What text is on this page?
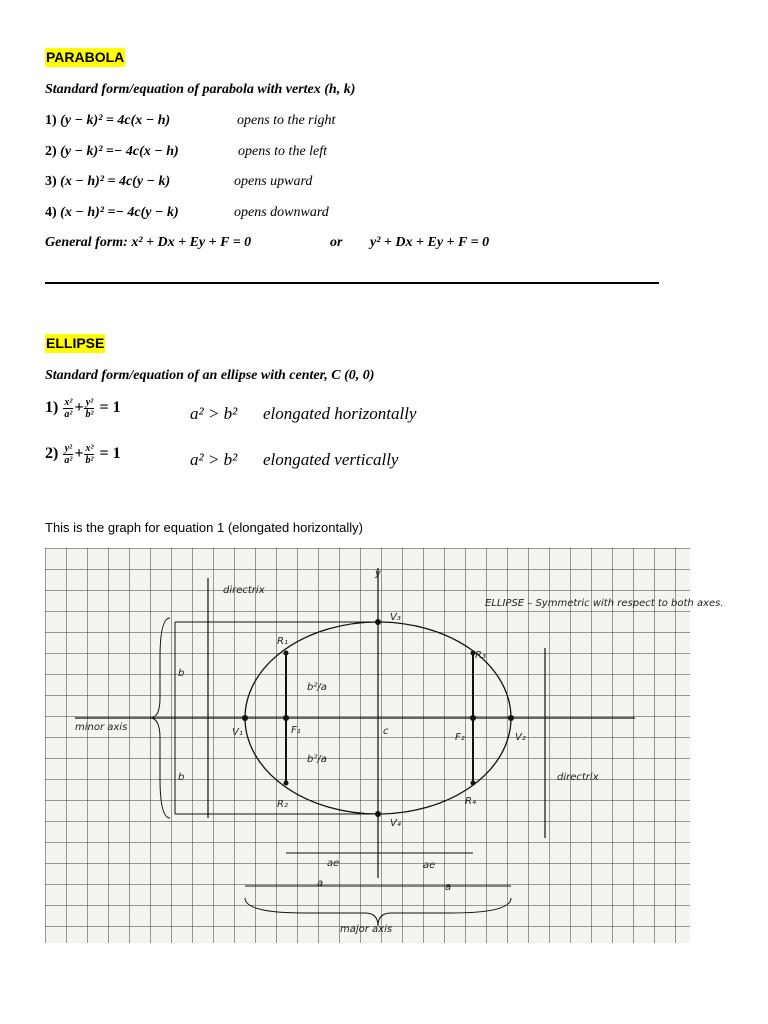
PARABOLA
Standard form/equation of parabola with vertex (h, k)
1) (y − k)² = 4c(x − h)	opens to the right
2) (y − k)² =− 4c(x − h)	opens to the left
3) (x − h)² = 4c(y − k)	opens upward
4) (x − h)² =− 4c(y − k)	opens downward
General form: x² + Dx + Ey + F = 0	or y² + Dx + Ey + F = 0
ELLIPSE
Standard form/equation of an ellipse with center, C (0, 0)
$1) \frac{\text{x²}}{\text{a²}} + \frac{\text{y²}}{\text{b²}} = 1$	a² > b² elongated horizontally
$2) \frac{\text{y²}}{\text{a²}} + \frac{\text{x²}}{\text{b²}} = 1$	a² > b² elongated vertically
This is the graph for equation 1 (elongated horizontally)
directrix
directrix
y
ELLIPSE – Symmetric with respect to both axes.
minor axis
major axis
b
b
V₁	V₂
V₃
V₄
R₁
R₂
R₃
R₄
F₁
F₂
c
b²/a
b²/a
ae	ae
a	a
